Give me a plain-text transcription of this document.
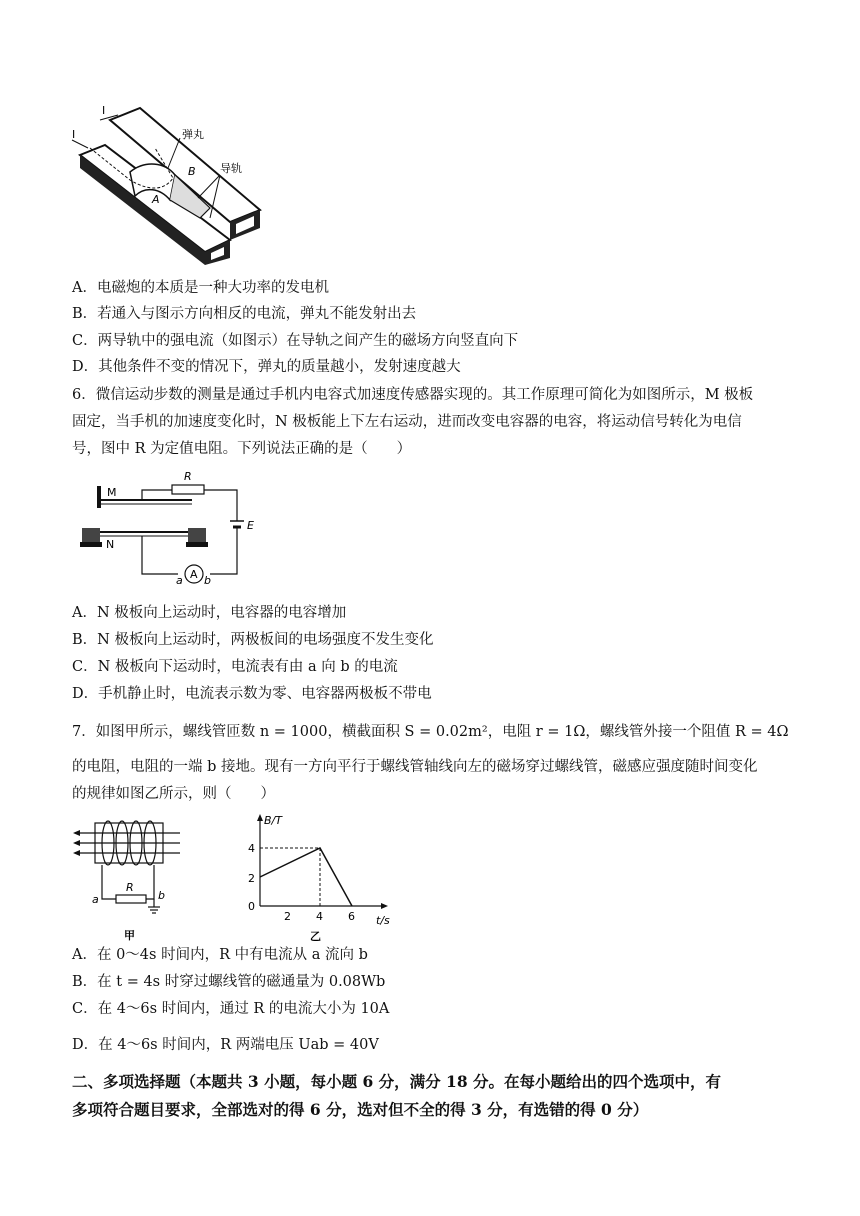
I
I	弹丸
导轨
B
A
A．电磁炮的本质是一种大功率的发电机
B．若通入与图示方向相反的电流，弹丸不能发射出去
C．两导轨中的强电流（如图示）在导轨之间产生的磁场方向竖直向下
D．其他条件不变的情况下，弹丸的质量越小，发射速度越大
6．微信运动步数的测量是通过手机内电容式加速度传感器实现的。其工作原理可简化为如图所示，M 极板
固定，当手机的加速度变化时，N 极板能上下左右运动，进而改变电容器的电容，将运动信号转化为电信
号，图中 R 为定值电阻。下列说法正确的是（　　）
M
R
E
N
A
a b
A．N 极板向上运动时，电容器的电容增加
B．N 极板向上运动时，两极板间的电场强度不发生变化
C．N 极板向下运动时，电流表有由 a 向 b 的电流
D．手机静止时，电流表示数为零、电容器两极板不带电
7．如图甲所示，螺线管匝数 n = 1000，横截面积 S = 0.02m²，电阻 r = 1Ω，螺线管外接一个阻值 R = 4Ω
的电阻，电阻的一端 b 接地。现有一方向平行于螺线管轴线向左的磁场穿过螺线管，磁感应强度随时间变化
的规律如图乙所示，则（　　）
R
a	b
甲
B/T
t/s
0
2
4
2 4 6
乙
A．在 0～4s 时间内，R 中有电流从 a 流向 b
B．在 t = 4s 时穿过螺线管的磁通量为 0.08Wb
C．在 4～6s 时间内，通过 R 的电流大小为 10A
D．在 4～6s 时间内，R 两端电压 Uab = 40V
二、多项选择题（本题共 3 小题，每小题 6 分，满分 18 分。在每小题给出的四个选项中，有
多项符合题目要求，全部选对的得 6 分，选对但不全的得 3 分，有选错的得 0 分）
